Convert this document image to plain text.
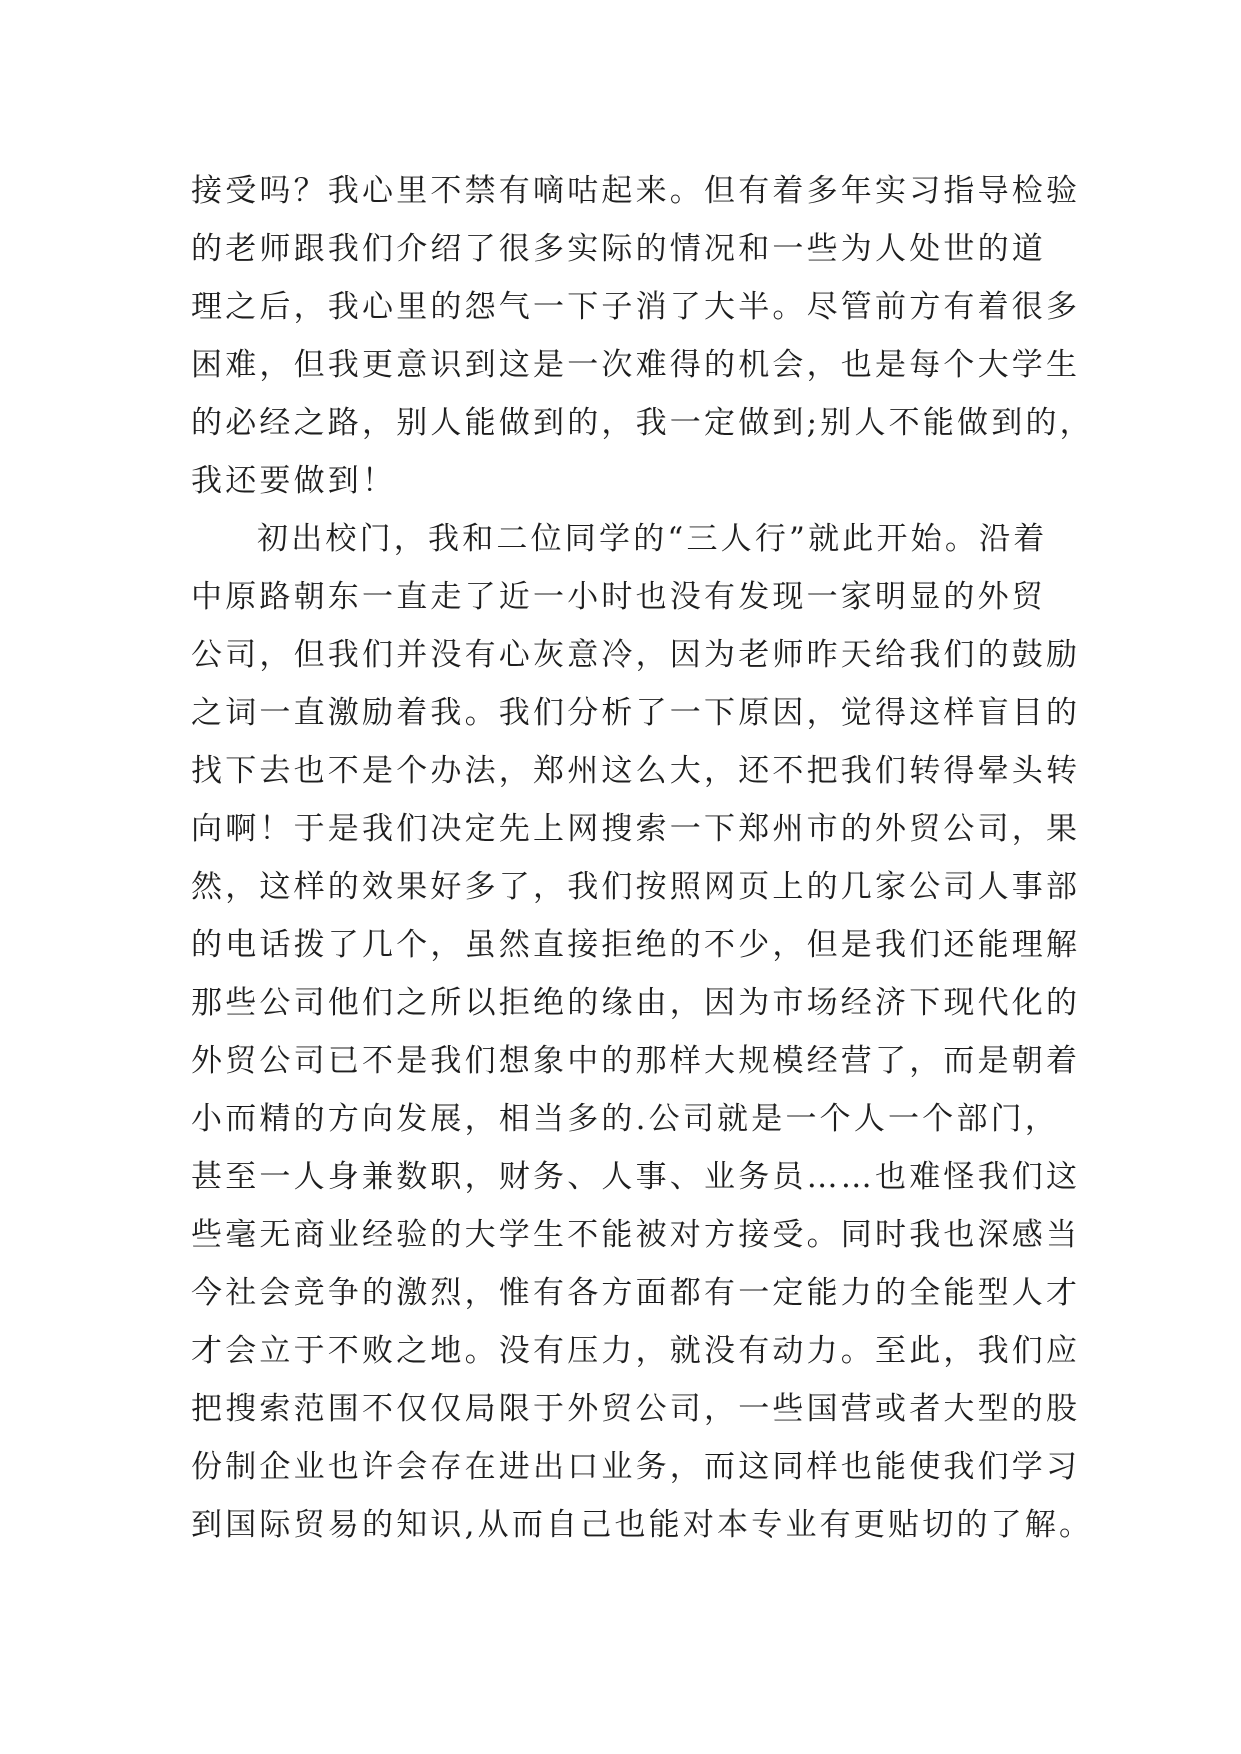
接受吗？我心里不禁有嘀咕起来。但有着多年实习指导检验
的老师跟我们介绍了很多实际的情况和一些为人处世的道
理之后，我心里的怨气一下子消了大半。尽管前方有着很多
困难，但我更意识到这是一次难得的机会，也是每个大学生
的必经之路，别人能做到的，我一定做到;别人不能做到的，
我还要做到！
初出校门，我和二位同学的“三人行”就此开始。沿着
中原路朝东一直走了近一小时也没有发现一家明显的外贸
公司，但我们并没有心灰意冷，因为老师昨天给我们的鼓励
之词一直激励着我。我们分析了一下原因，觉得这样盲目的
找下去也不是个办法，郑州这么大，还不把我们转得晕头转
向啊！于是我们决定先上网搜索一下郑州市的外贸公司，果
然，这样的效果好多了，我们按照网页上的几家公司人事部
的电话拨了几个，虽然直接拒绝的不少，但是我们还能理解
那些公司他们之所以拒绝的缘由，因为市场经济下现代化的
外贸公司已不是我们想象中的那样大规模经营了，而是朝着
小而精的方向发展，相当多的.公司就是一个人一个部门，
甚至一人身兼数职，财务、人事、业务员……也难怪我们这
些毫无商业经验的大学生不能被对方接受。同时我也深感当
今社会竞争的激烈，惟有各方面都有一定能力的全能型人才
才会立于不败之地。没有压力，就没有动力。至此，我们应
把搜索范围不仅仅局限于外贸公司，一些国营或者大型的股
份制企业也许会存在进出口业务，而这同样也能使我们学习
到国际贸易的知识,从而自己也能对本专业有更贴切的了解。
